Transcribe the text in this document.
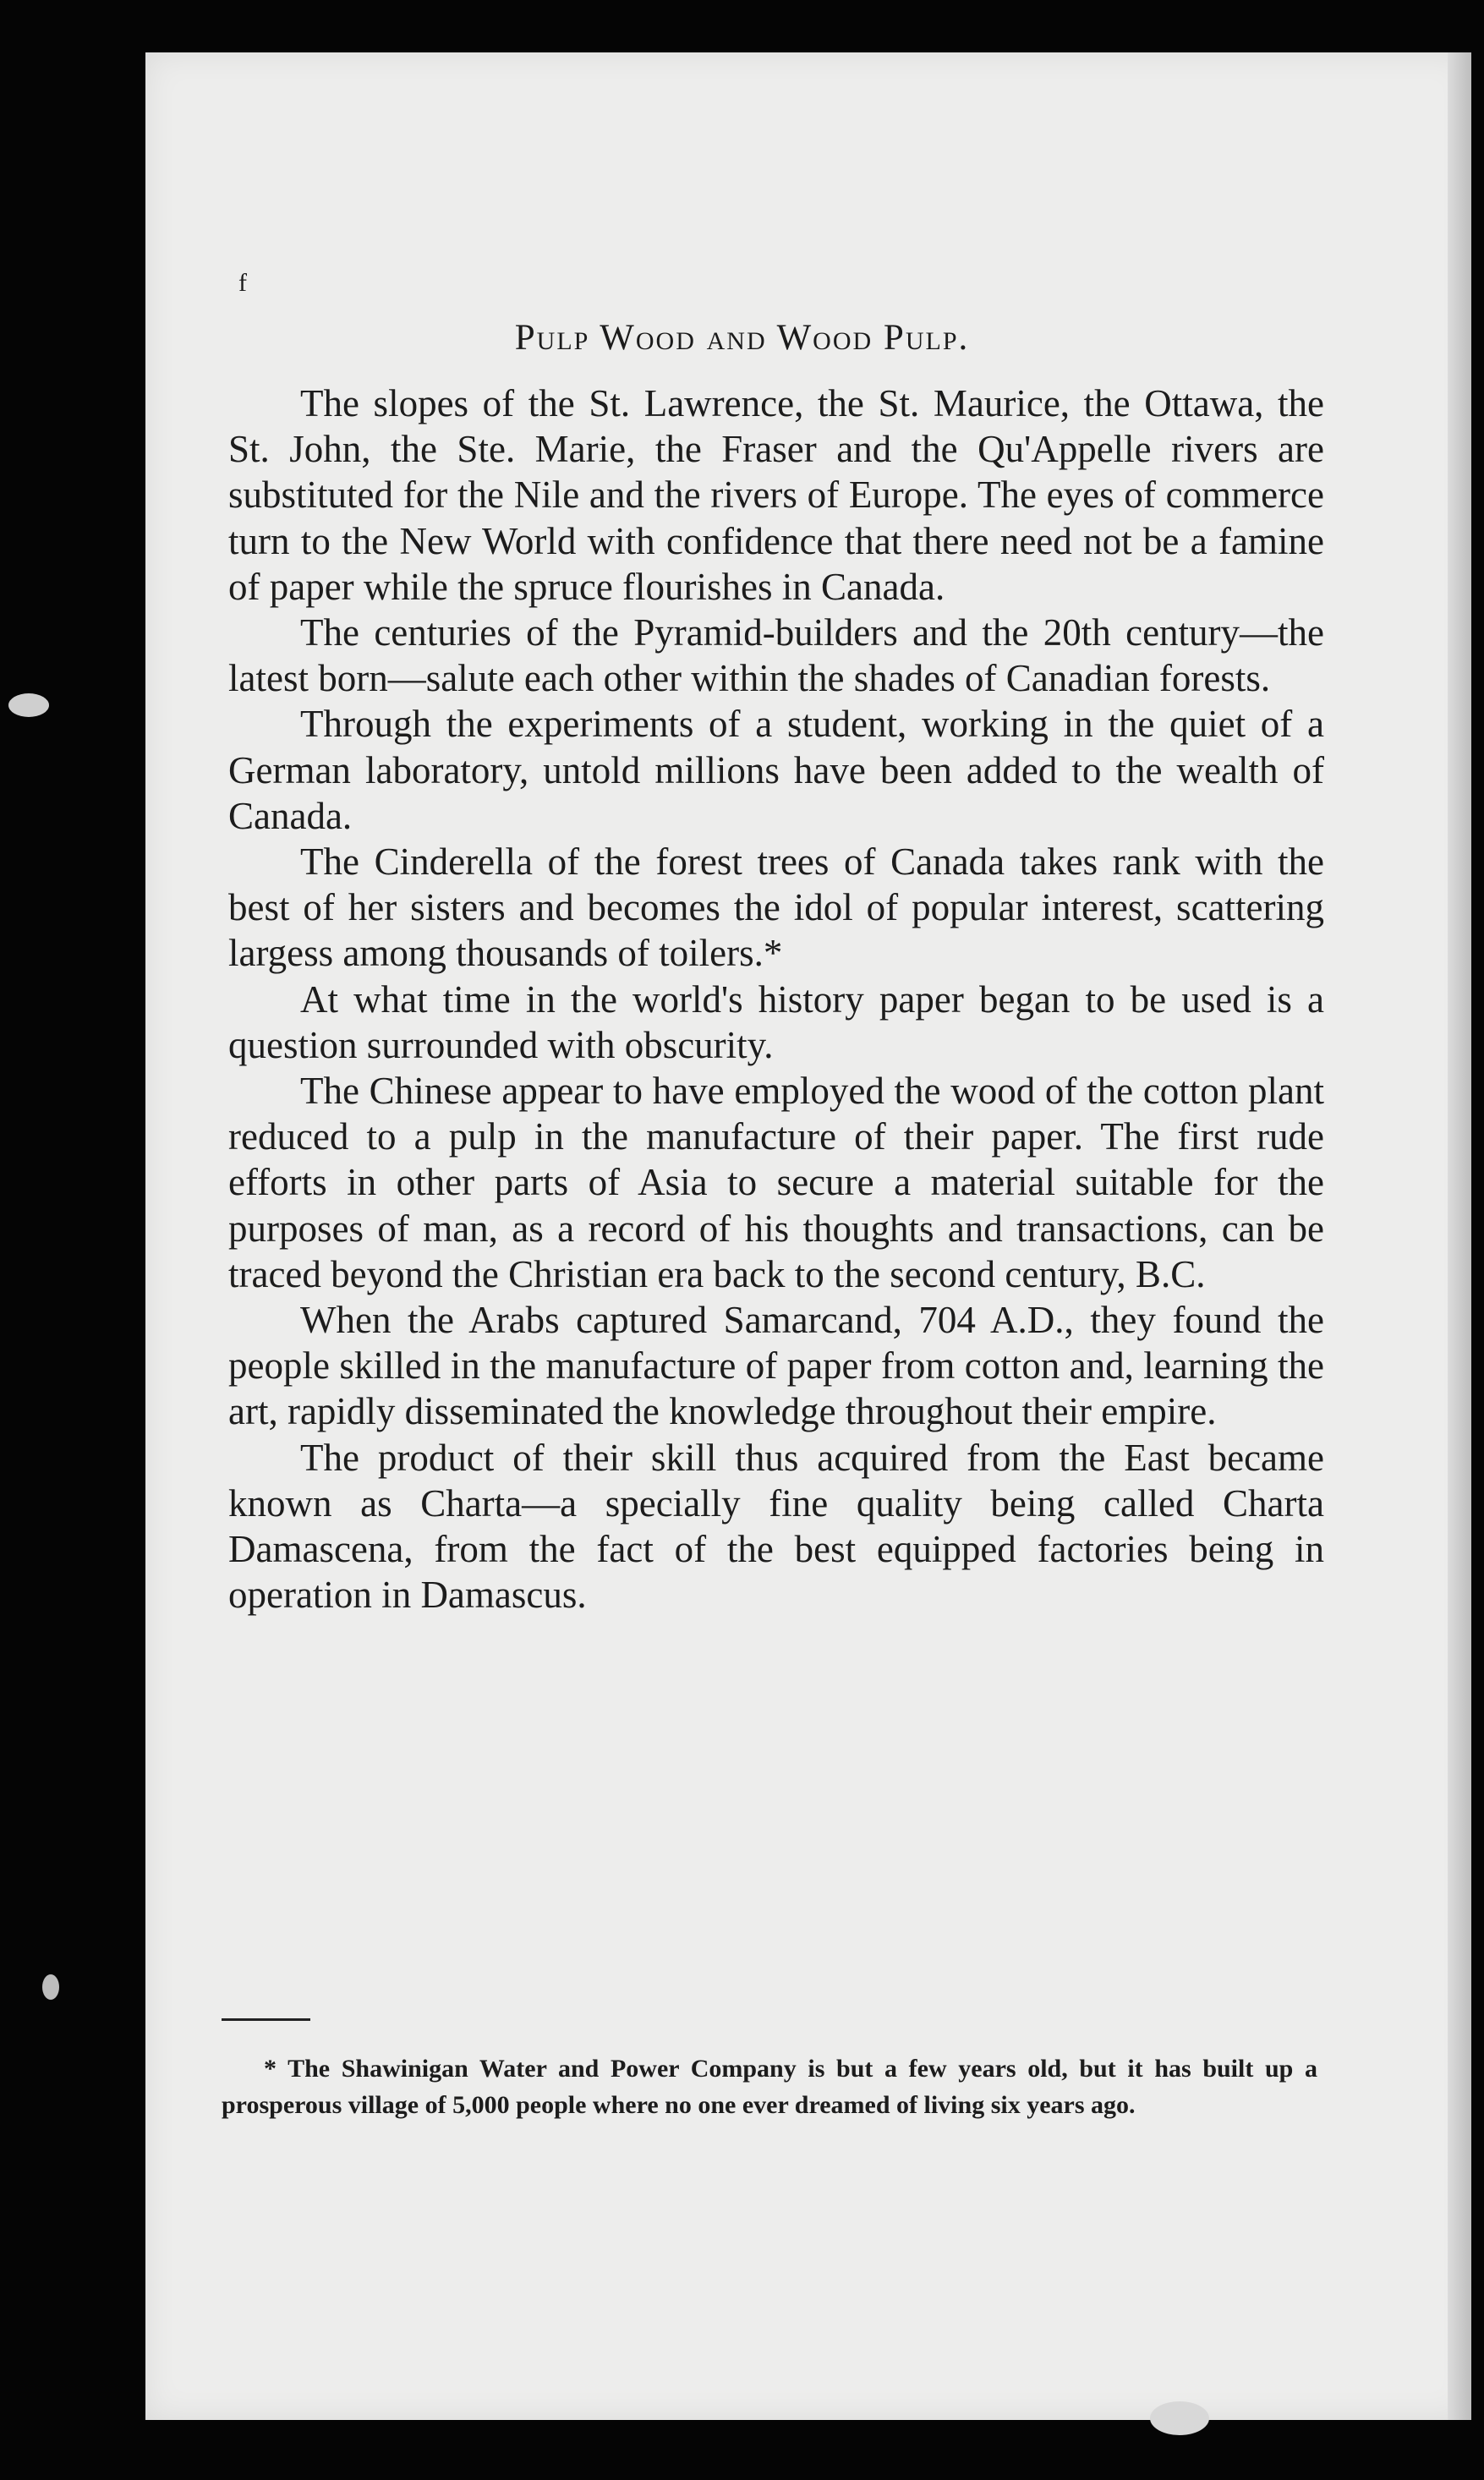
f
Pulp Wood and Wood Pulp.

The slopes of the St. Lawrence, the St. Maurice, the Ottawa, the St. John, the Ste. Marie, the Fraser and the Qu'Appelle rivers are substituted for the Nile and the rivers of Europe. The eyes of commerce turn to the New World with confidence that there need not be a famine of paper while the spruce flourishes in Canada.

The centuries of the Pyramid-builders and the 20th century—the latest born—salute each other within the shades of Canadian forests.

Through the experiments of a student, working in the quiet of a German laboratory, untold millions have been added to the wealth of Canada.

The Cinderella of the forest trees of Canada takes rank with the best of her sisters and becomes the idol of popular interest, scattering largess among thousands of toilers.*

At what time in the world's history paper began to be used is a question surrounded with obscurity.

The Chinese appear to have employed the wood of the cotton plant reduced to a pulp in the manufacture of their paper. The first rude efforts in other parts of Asia to secure a material suitable for the purposes of man, as a record of his thoughts and transactions, can be traced beyond the Christian era back to the second century, B.C.

When the Arabs captured Samarcand, 704 A.D., they found the people skilled in the manufacture of paper from cotton and, learning the art, rapidly disseminated the knowledge throughout their empire.

The product of their skill thus acquired from the East became known as Charta—a specially fine quality being called Charta Damascena, from the fact of the best equipped factories being in operation in Damascus.

* The Shawinigan Water and Power Company is but a few years old, but it has built up a prosperous village of 5,000 people where no one ever dreamed of living six years ago.
